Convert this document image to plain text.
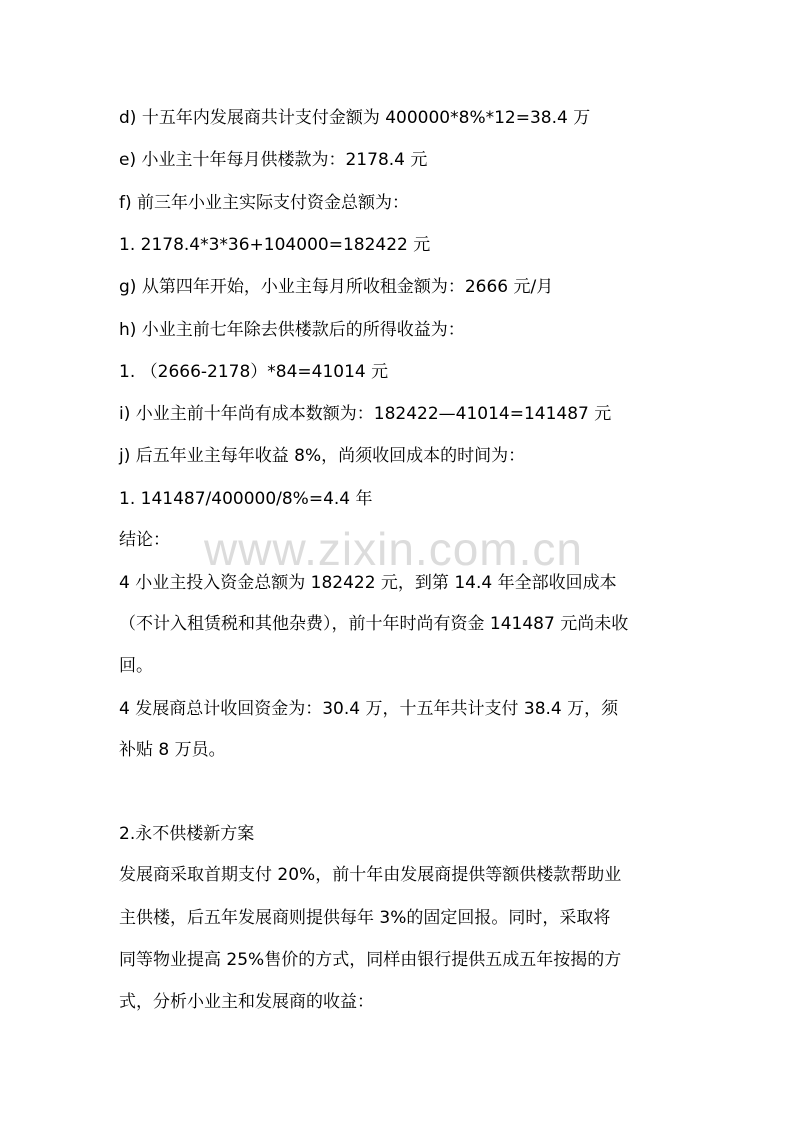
www.zixin.com.cn
d) 十五年内发展商共计支付金额为 400000*8%*12=38.4 万
e) 小业主十年每月供楼款为：2178.4 元
f) 前三年小业主实际支付资金总额为：
1. 2178.4*3*36+104000=182422 元
g) 从第四年开始，小业主每月所收租金额为：2666 元/月
h) 小业主前七年除去供楼款后的所得收益为：
1. （2666-2178）*84=41014 元
i) 小业主前十年尚有成本数额为：182422—41014=141487 元
j) 后五年业主每年收益 8%，尚须收回成本的时间为：
1. 141487/400000/8%=4.4 年
结论：
4 小业主投入资金总额为 182422 元，到第 14.4 年全部收回成本
（不计入租赁税和其他杂费），前十年时尚有资金 141487 元尚未收
回。
4 发展商总计收回资金为：30.4 万，十五年共计支付 38.4 万，须
补贴 8 万员。
2.永不供楼新方案
发展商采取首期支付 20%，前十年由发展商提供等额供楼款帮助业
主供楼，后五年发展商则提供每年 3%的固定回报。同时，采取将
同等物业提高 25%售价的方式，同样由银行提供五成五年按揭的方
式，分析小业主和发展商的收益：
